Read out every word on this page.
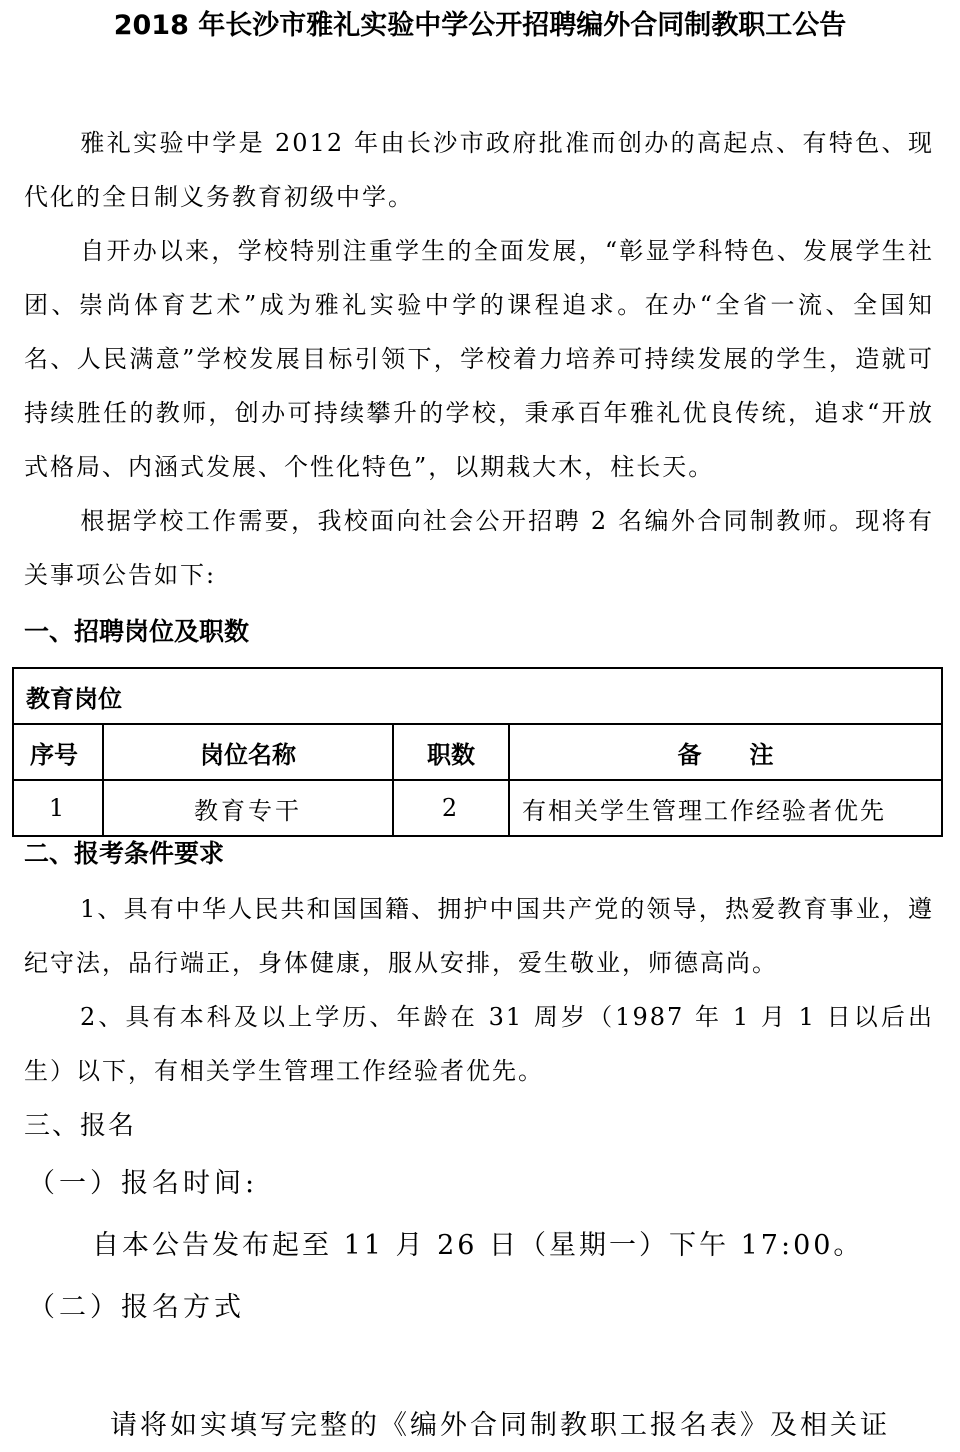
2018 年长沙市雅礼实验中学公开招聘编外合同制教职工公告
雅礼实验中学是 2012 年由长沙市政府批准而创办的高起点、有特色、现代化的全日制义务教育初级中学。
自开办以来，学校特别注重学生的全面发展，“彰显学科特色、发展学生社团、崇尚体育艺术”成为雅礼实验中学的课程追求。在办“全省一流、全国知名、人民满意”学校发展目标引领下，学校着力培养可持续发展的学生，造就可持续胜任的教师，创办可持续攀升的学校，秉承百年雅礼优良传统，追求“开放式格局、内涵式发展、个性化特色”，以期栽大木，柱长天。
根据学校工作需要，我校面向社会公开招聘 2 名编外合同制教师。现将有关事项公告如下:
一、招聘岗位及职数
教育岗位			
序号	岗位名称	职数	备　　注
1	教育专干	2	有相关学生管理工作经验者优先
二、报考条件要求
1、具有中华人民共和国国籍、拥护中国共产党的领导，热爱教育事业，遵纪守法，品行端正，身体健康，服从安排，爱生敬业，师德高尚。
2、具有本科及以上学历、年龄在 31 周岁（1987 年 1 月 1 日以后出生）以下，有相关学生管理工作经验者优先。
三、报名
（一）报名时间:
自本公告发布起至 11 月 26 日（星期一）下午 17:00。
（二）报名方式
请将如实填写完整的《编外合同制教职工报名表》及相关证
